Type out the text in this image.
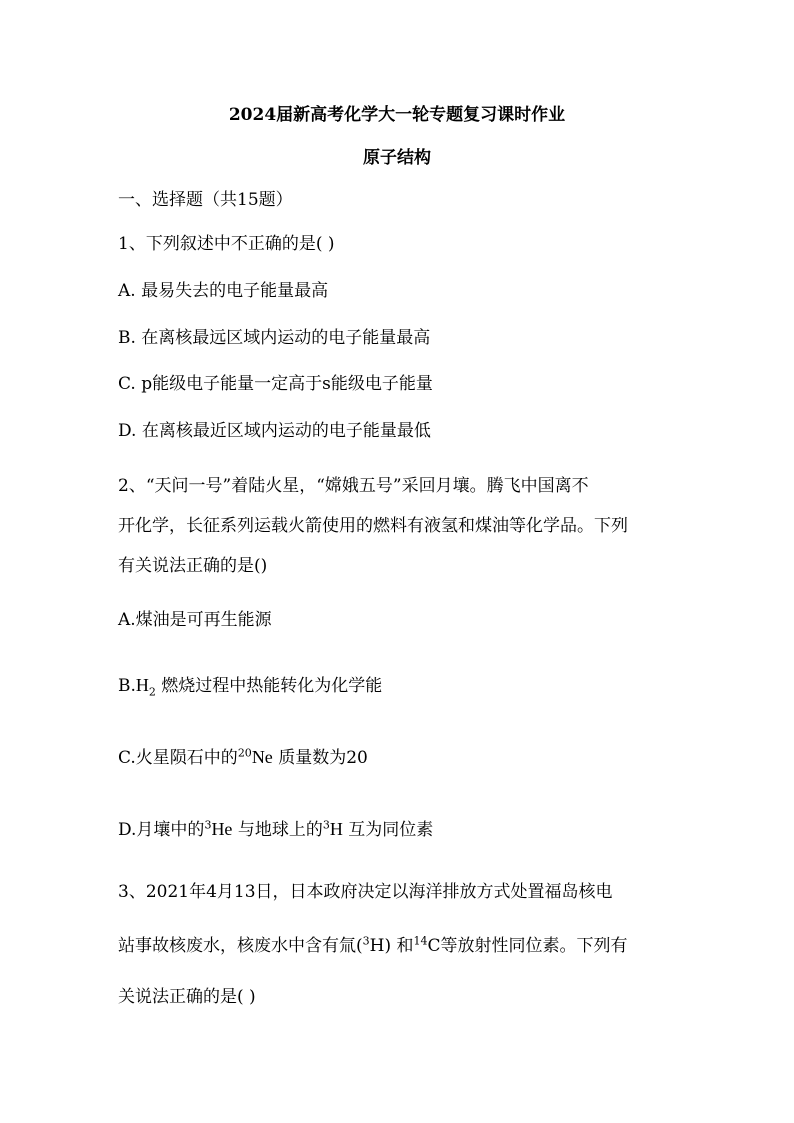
2024届新高考化学大一轮专题复习课时作业
原子结构
一、选择题（共15题）
1、下列叙述中不正确的是( )
A. 最易失去的电子能量最高
B. 在离核最远区域内运动的电子能量最高
C. p能级电子能量一定高于s能级电子能量
D. 在离核最近区域内运动的电子能量最低
2、“天问一号”着陆火星，“嫦娥五号”采回月壤。腾飞中国离不
开化学，长征系列运载火箭使用的燃料有液氢和煤油等化学品。下列
有关说法正确的是()
A.煤油是可再生能源
$B.H_2$ 燃烧过程中热能转化为化学能
C.火星陨石中的$^{20}$Ne 质量数为20
D.月壤中的$^3$He 与地球上的$^3$H 互为同位素
3、2021年4月13日，日本政府决定以海洋排放方式处置福岛核电
站事故核废水，核废水中含有氚($^3$H) 和$^{14}$C等放射性同位素。下列有
关说法正确的是( )
